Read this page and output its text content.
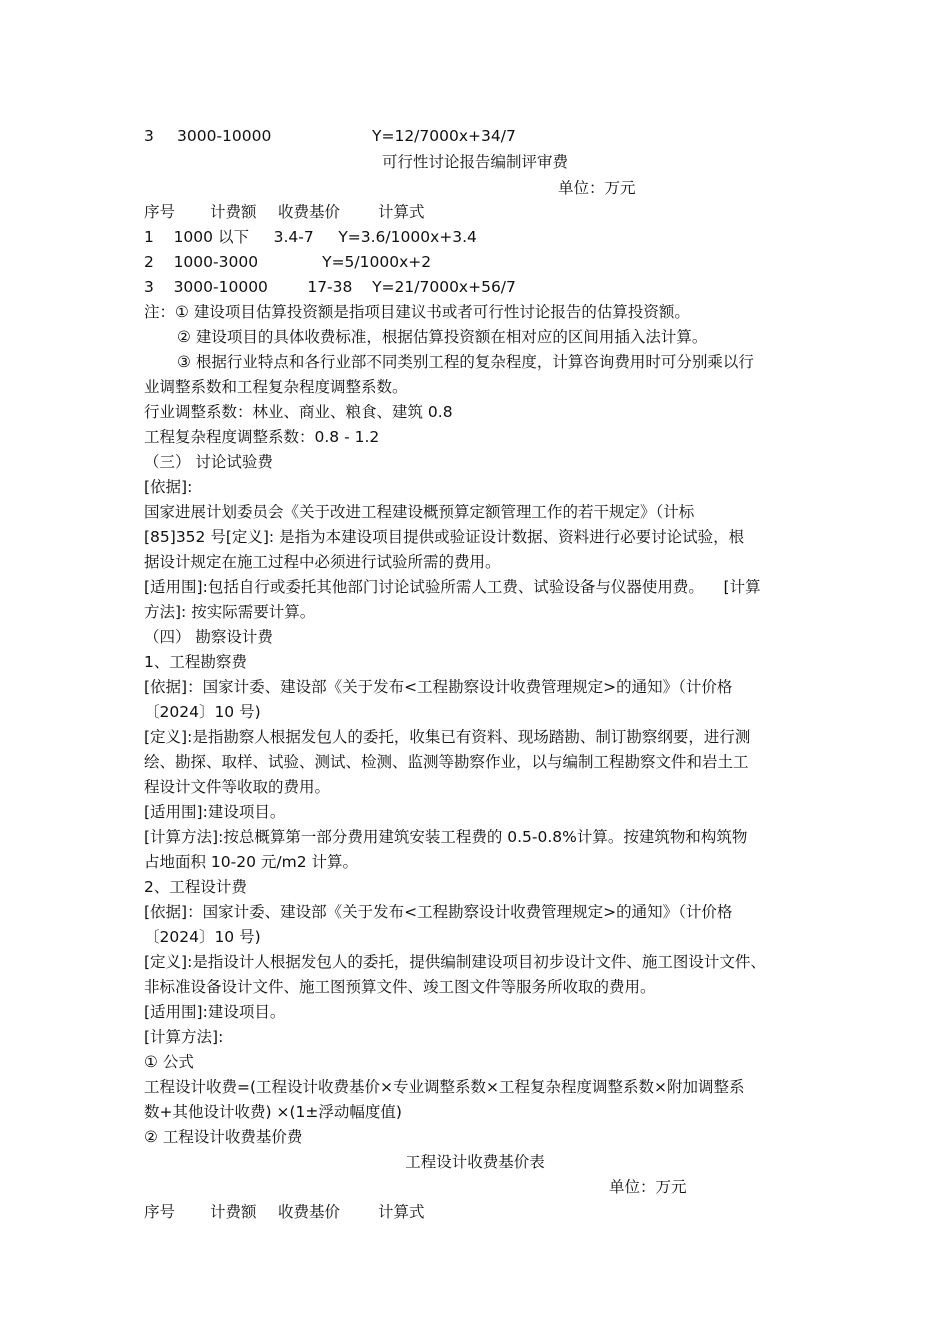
3

3000-10000

	Y=12/7000x+34/7

可行性讨论报告编制评审费
单位：万元

序号

计费额

收费基价

计算式

1    1000 以下     3.4-7     Y=3.6/1000x+3.4
2    1000-3000             Y=5/1000x+2
3    3000-10000        17-38    Y=21/7000x+56/7
注：① 建设项目估算投资额是指项目建议书或者可行性讨论报告的估算投资额。
② 建设项目的具体收费标准，根据估算投资额在相对应的区间用插入法计算。
③ 根据行业特点和各行业部不同类别工程的复杂程度，计算咨询费用时可分别乘以行
业调整系数和工程复杂程度调整系数。
行业调整系数：林业、商业、粮食、建筑 0.8
工程复杂程度调整系数：0.8 - 1.2
（三） 讨论试验费
[依据]:
国家进展计划委员会《关于改进工程建设概预算定额管理工作的若干规定》（计标
[85]352 号[定义]: 是指为本建设项目提供或验证设计数据、资料进行必要讨论试验，根
据设计规定在施工过程中必须进行试验所需的费用。
[适用围]:包括自行或委托其他部门讨论试验所需人工费、试验设备与仪器使用费。    [计算
方法]: 按实际需要计算。
（四） 勘察设计费
1、工程勘察费
[依据]：国家计委、建设部《关于发布<工程勘察设计收费管理规定>的通知》（计价格
〔2024〕10 号)
[定义]:是指勘察人根据发包人的委托，收集已有资料、现场踏勘、制订勘察纲要，进行测
绘、勘探、取样、试验、测试、检测、监测等勘察作业，以与编制工程勘察文件和岩土工
程设计文件等收取的费用。
[适用围]:建设项目。
[计算方法]:按总概算第一部分费用建筑安装工程费的 0.5-0.8%计算。按建筑物和构筑物
占地面积 10-20 元/m2 计算。
2、工程设计费
[依据]：国家计委、建设部《关于发布<工程勘察设计收费管理规定>的通知》（计价格
〔2024〕10 号)
[定义]:是指设计人根据发包人的委托，提供编制建设项目初步设计文件、施工图设计文件、
非标准设备设计文件、施工图预算文件、竣工图文件等服务所收取的费用。
[适用围]:建设项目。
[计算方法]:
① 公式
工程设计收费=(工程设计收费基价×专业调整系数×工程复杂程度调整系数×附加调整系
数+其他设计收费) ×(1±浮动幅度值)
② 工程设计收费基价费
工程设计收费基价表
单位：万元

序号

计费额

收费基价

计算式
